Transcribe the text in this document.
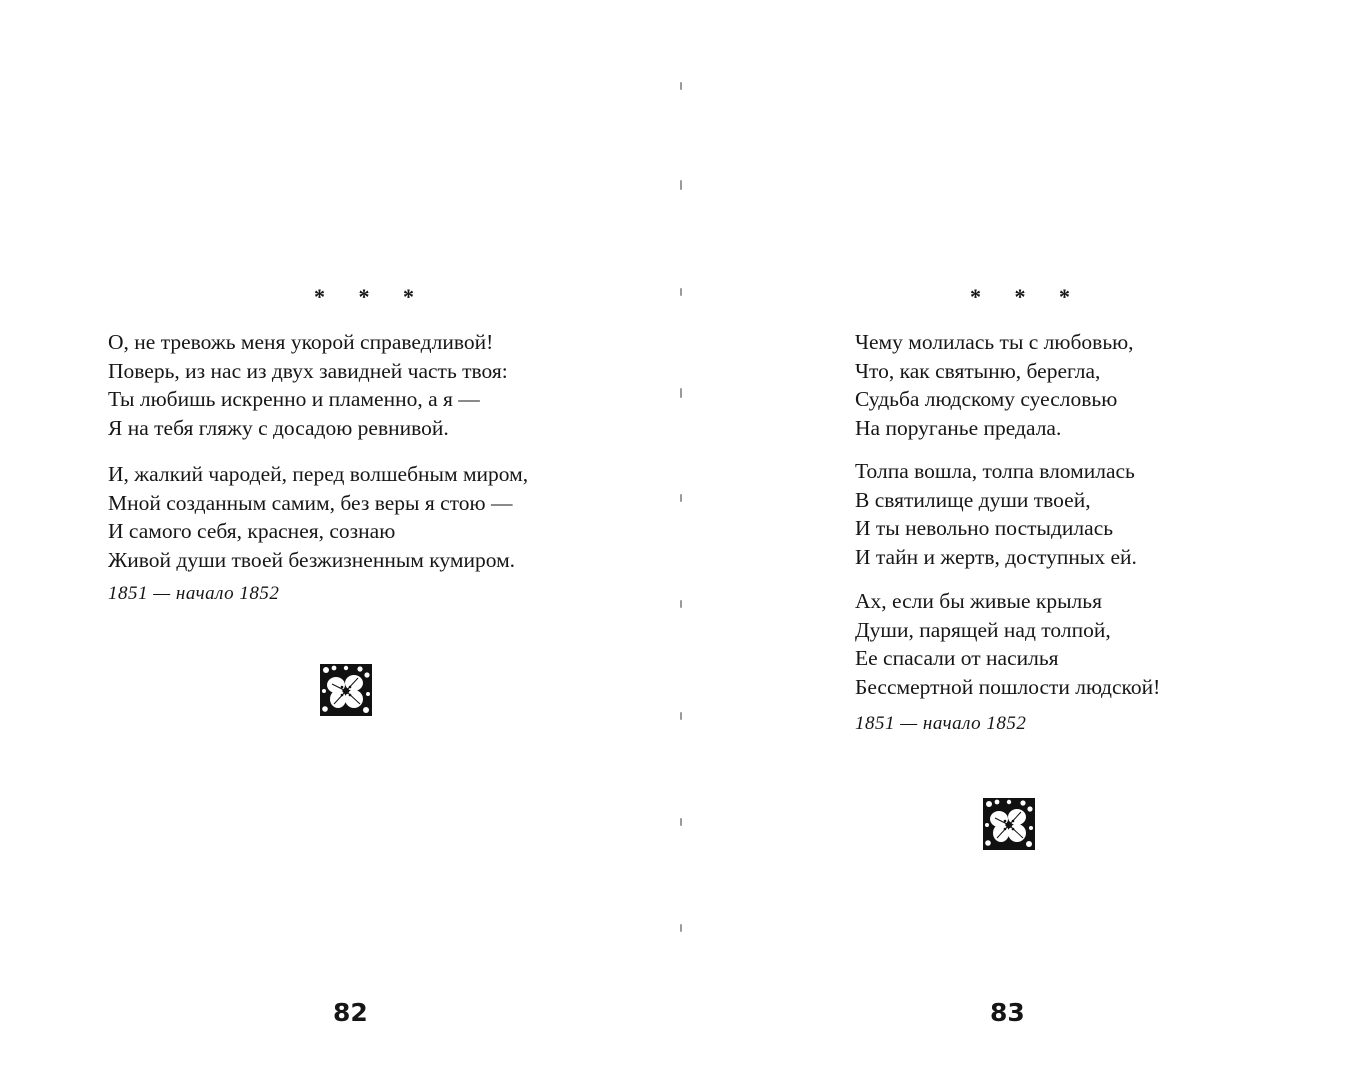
* * *

О, не тревожь меня укорой справедливой!
Поверь, из нас из двух завидней часть твоя:
Ты любишь искренно и пламенно, а я —
Я на тебя гляжу с досадою ревнивой.

И, жалкий чародей, перед волшебным миром,
Мной созданным самим, без веры я стою —
И самого себя, краснея, сознаю
Живой души твоей безжизненным кумиром.

1851 — начало 1852
82
* * *

Чему молилась ты с любовью,
Что, как святыню, берегла,
Судьба людскому суесловью
На поруганье предала.

Толпа вошла, толпа вломилась
В святилище души твоей,
И ты невольно постыдилась
И тайн и жертв, доступных ей.

Ах, если бы живые крылья
Души, парящей над толпой,
Ее спасали от насилья
Бессмертной пошлости людской!

1851 — начало 1852
83
